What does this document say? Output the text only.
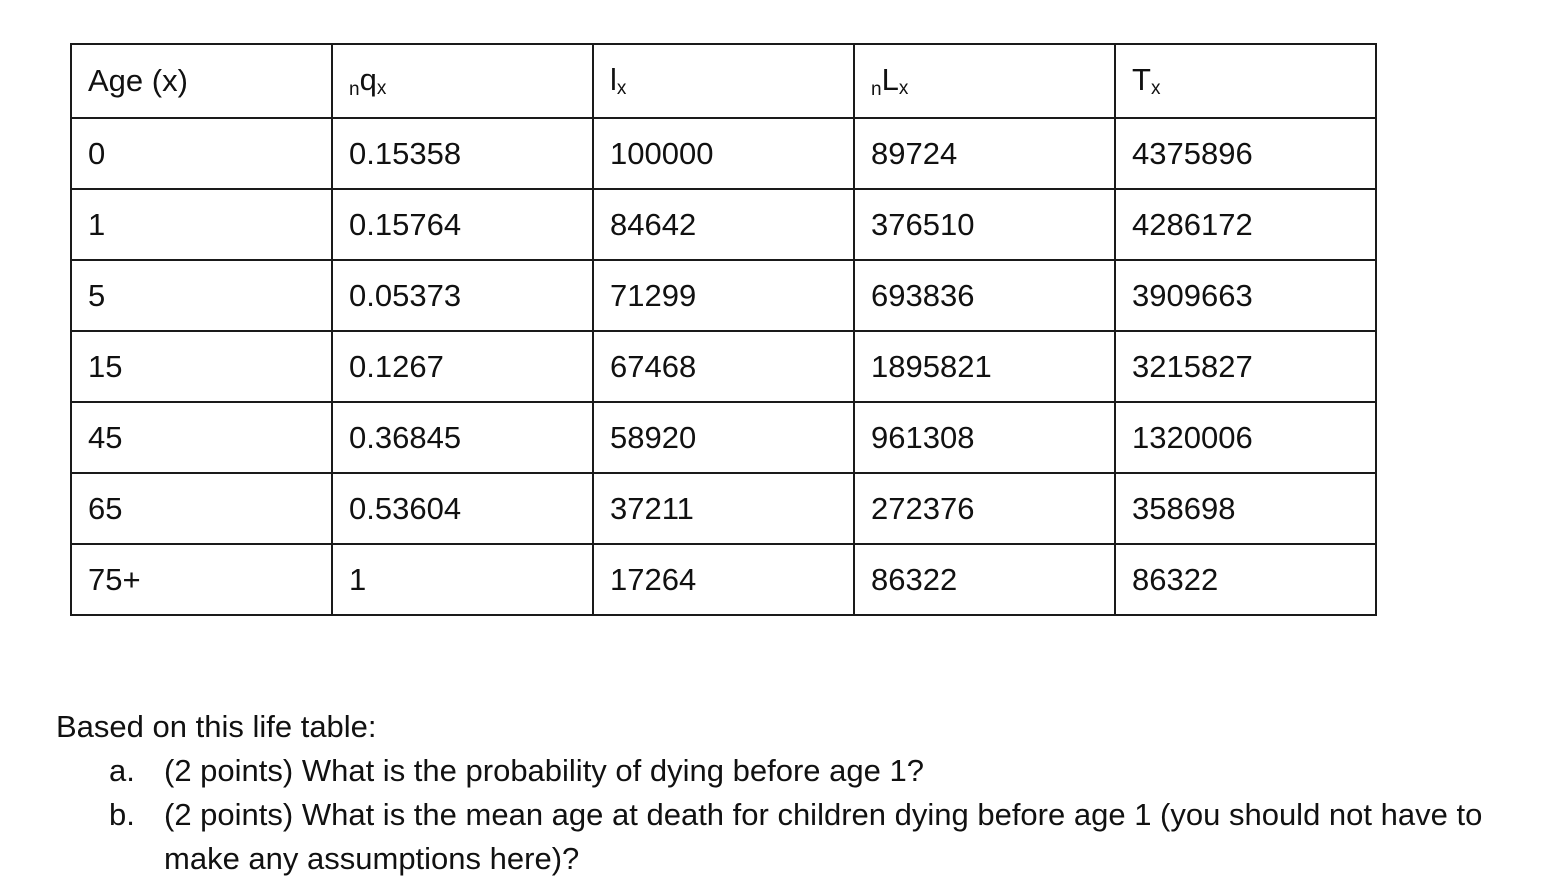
Age (x)	$nq_x$	$l_x$	$nL_x$	$T_x$
0	0.15358	100000	89724	4375896
1	0.15764	84642	376510	4286172
5	0.05373	71299	693836	3909663
15	0.1267	67468	1895821	3215827
45	0.36845	58920	961308	1320006
65	0.53604	37211	272376	358698
75+	1	17264	86322	86322
Based on this life table:
a. (2 points) What is the probability of dying before age 1?
b. (2 points) What is the mean age at death for children dying before age 1 (you should not have to make any assumptions here)?
